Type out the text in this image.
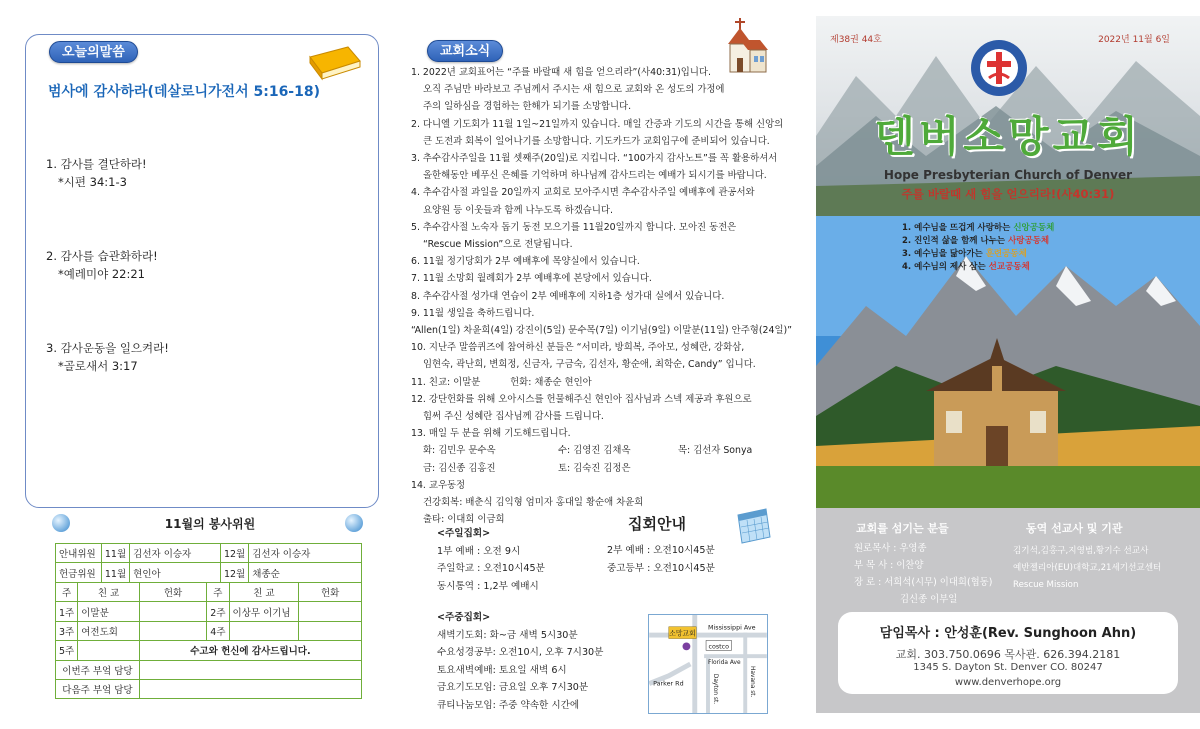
오늘의말씀
범사에 감사하라(데살로니가전서 5:16-18)
1. 감사를 결단하라!
*시편 34:1-3
2. 감사를 습관화하라!
*예레미야 22:21
3. 감사운동을 일으켜라!
*골로새서 3:17
11월의 봉사위원
안내위원	11월	김선자 이승자	12월	김선자 이승자
헌금위원	11월	현인아	12월	채종순
주	친 교	헌화	주	친 교	헌화
1주	이말분		2주	이상무 이기님	
3주	여전도회		4주		
5주		수고와 헌신에 감사드립니다.			
이번주 부엌 담당					
다음주 부엌 담당					
교회소식
1. 2022년 교회표어는 “주를 바랄때 새 힘을 얻으리라”(사40:31)입니다.
오직 주님만 바라보고 주님께서 주시는 새 힘으로 교회와 온 성도의 가정에
주의 일하심을 경험하는 한해가 되기를 소망합니다.
2. 다니엘 기도회가 11월 1일~21일까지 있습니다. 매일 간증과 기도의 시간을 통해 신앙의
큰 도전과 회복이 일어나기를 소망합니다. 기도카드가 교회입구에 준비되어 있습니다.
3. 추수감사주일을 11월 셋째주(20일)로 지킵니다. “100가지 감사노트”를 꼭 활용하셔서
올한해동안 베푸신 은혜를 기억하며 하나님께 감사드리는 예배가 되시기를 바랍니다.
4. 추수감사절 과일을 20일까지 교회로 모아주시면 추수감사주일 예배후에 관공서와
요양원 등 이웃들과 함께 나누도록 하겠습니다.
5. 추수감사절 노숙자 돕기 동전 모으기를 11월20일까지 합니다. 모아진 동전은
“Rescue Mission”으로 전달됩니다.
6. 11월 정기당회가 2부 예배후에 목양실에서 있습니다.
7. 11월 소망회 월례회가 2부 예배후에 본당에서 있습니다.
8. 추수감사절 성가대 연습이 2부 예배후에 지하1층 성가대 실에서 있습니다.
9. 11월 생일을 축하드립니다.
“Allen(1일) 차윤희(4일) 강진이(5일) 문수목(7일) 이기님(9일) 이말분(11일) 안주형(24일)”
10. 지난주 말씀퀴즈에 참여하신 분들은 “서미라, 방희복, 주아모, 성혜란, 강화삼,
임현숙, 곽난희, 변희정, 신금자, 구금숙, 김선자, 황순애, 최학순, Candy” 입니다.
11. 친교: 이말분          헌화: 채종순 현인아
12. 강단헌화를 위해 오아시스를 헌물해주신 현인아 집사님과 스넥 제공과 후원으로
힘써 주신 성혜란 집사님께 감사를 드립니다.
13. 매일 두 분을 위해 기도해드립니다.
화: 김민우 문수옥	수: 김영진 김채옥	목: 김선자 Sonya
금: 김신종 김홍진	토: 김숙진 김정은
14. 교우동정
건강회복: 배춘식 김익형 엄미자 홍대일 황순애 차윤희
출타: 이대희 이금희	집회안내
<주일집회>
1부 예배 : 오전 9시
주일학교 : 오전10시45분
동시통역 : 1,2부 예배시
2부 예배 : 오전10시45분
중고등부 : 오전10시45분
<주중집회>
새벽기도회: 화~금 새벽 5시30분
수요성경공부: 오전10시, 오후 7시30분
토요새벽예배: 토요일 새벽 6시
금요기도모임: 금요일 오후 7시30분
큐티나눔모임: 주중 약속한 시간에
소망교회
costco
Mississippi Ave
Florida Ave
Parker Rd	Dayton st.	Havana st.
제38권 44호	2022년 11월 6일
덴버소망교회
Hope Presbyterian Church of Denver
주를 바랄때 새 힘을 얻으리라!(사40:31)
1. 예수님을 뜨겁게 사랑하는 신앙공동체
2. 진인적 삶을 함께 나누는 사랑공동체
3. 예수님을 닮아가는 훈련공동체
4. 예수님의 제사 삼는 선교공동체
교회를 섬기는 분들
원로목사 : 우영종
부 목 사 : 이찬양
장 로 : 서희석(시무) 이대희(협동)
김신종 이부일
동역 선교사 및 기관
김기석,김홍구,지영범,황기수 선교사
예반젤리아(EU)대학교,21세기선교센터
Rescue Mission
담임목사 : 안성훈(Rev. Sunghoon Ahn)
교회. 303.750.0696 목사관. 626.394.2181
1345 S. Dayton St. Denver CO. 80247
www.denverhope.org
